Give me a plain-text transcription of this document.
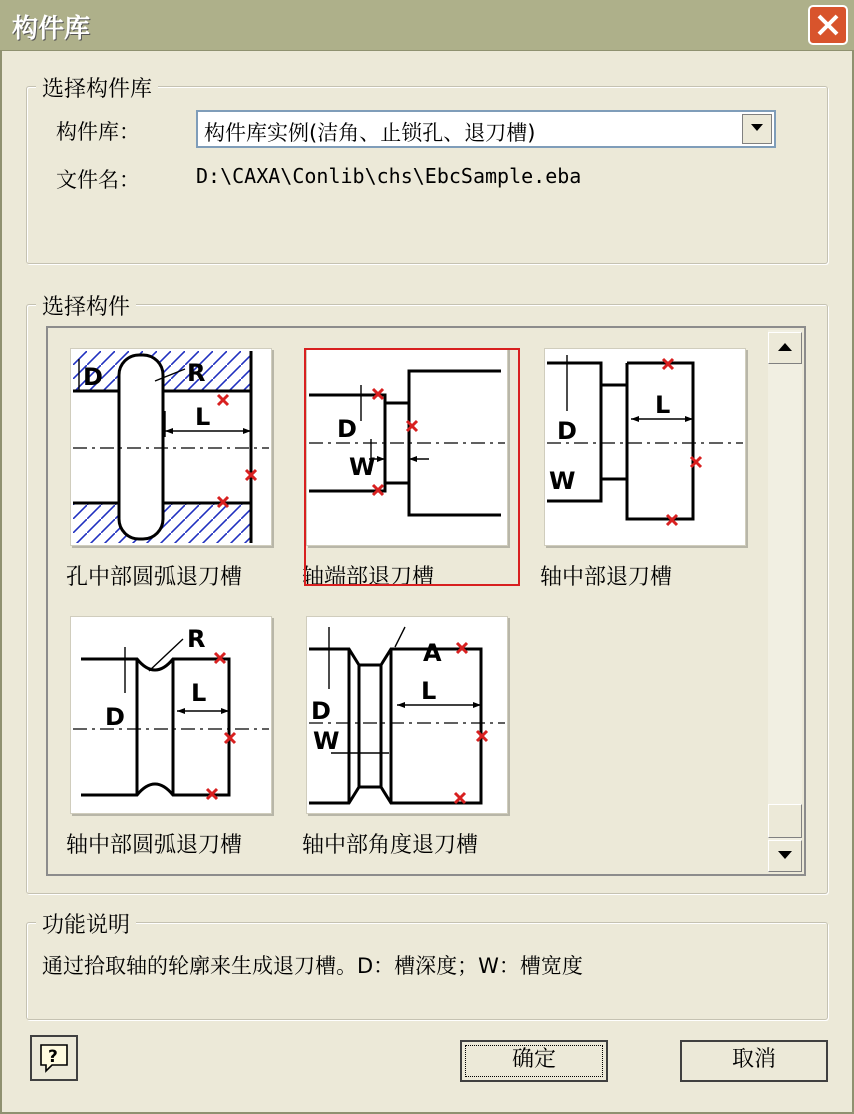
构件库
选择构件库
构件库：	构件库实例(洁角、止锁孔、退刀槽)
文件名：	D:\CAXA\Conlib\chs\EbcSample.eba
选择构件
D	R
L
孔中部圆弧退刀槽
D
W
轴端部退刀槽
D
L
W
轴中部退刀槽
D
R
L
轴中部圆弧退刀槽
D
A
L
W
轴中部角度退刀槽
功能说明
通过拾取轴的轮廓来生成退刀槽。D：槽深度；W：槽宽度
?	确定	取消
